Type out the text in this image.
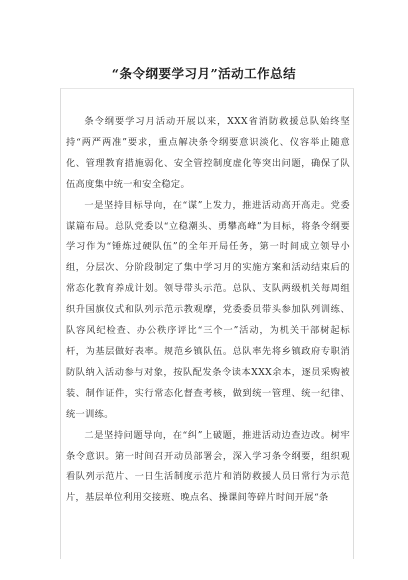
“条令纲要学习月”活动工作总结

条令纲要学习月活动开展以来，XXX省消防救援总队始终坚持“两严两准”要求，重点解决条令纲要意识淡化、仪容举止随意化、管理教育措施弱化、安全管控制度虚化等突出问题，确保了队伍高度集中统一和安全稳定。

一是坚持目标导向，在“谋”上发力，推进活动高开高走。党委谋篇布局。总队党委以“立稳潮头、勇攀高峰”为目标，将条令纲要学习作为“锤炼过硬队伍”的全年开局任务，第一时间成立领导小组，分层次、分阶段制定了集中学习月的实施方案和活动结束后的常态化教育养成计划。领导带头示范。总队、支队两级机关每周组织升国旗仪式和队列示范示教观摩，党委委员带头参加队列训练、队容风纪检查、办公秩序评比“三个一”活动，为机关干部树起标杆，为基层做好表率。规范乡镇队伍。总队率先将乡镇政府专职消防队纳入活动参与对象，按队配发条令读本XXX余本，逐员采购被装、制作证件，实行常态化督查考核，做到统一管理、统一纪律、统一训练。

二是坚持问题导向，在“纠”上破题，推进活动边查边改。树牢条令意识。第一时间召开动员部署会，深入学习条令纲要，组织观看队列示范片、一日生活制度示范片和消防救援人员日常行为示范片，基层单位利用交接班、晚点名、操课间等碎片时间开展“条
